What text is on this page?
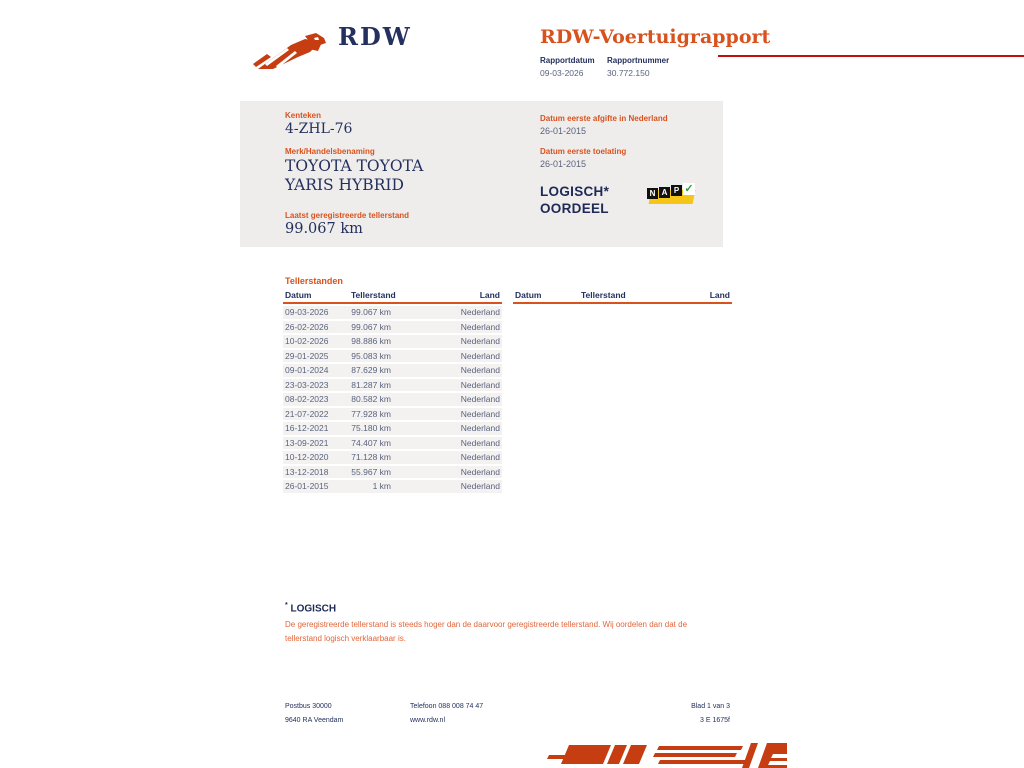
RDW	RDW-Voertuigrapport
Rapportdatum
09-03-2026
Rapportnummer
30.772.150
Kenteken
4-ZHL-76
Merk/Handelsbenaming
TOYOTA TOYOTA
YARIS HYBRID
Laatst geregistreerde tellerstand
99.067 km
Datum eerste afgifte in Nederland
26-01-2015
Datum eerste toelating
26-01-2015
LOGISCH*
OORDEEL
N A P ✓
Tellerstanden
Datum	Tellerstand	Land
09-03-2026	99.067 km	Nederland
26-02-2026	99.067 km	Nederland
10-02-2026	98.886 km	Nederland
29-01-2025	95.083 km	Nederland
09-01-2024	87.629 km	Nederland
23-03-2023	81.287 km	Nederland
08-02-2023	80.582 km	Nederland
21-07-2022	77.928 km	Nederland
16-12-2021	75.180 km	Nederland
13-09-2021	74.407 km	Nederland
10-12-2020	71.128 km	Nederland
13-12-2018	55.967 km	Nederland
26-01-2015	1 km	Nederland
Datum	Tellerstand	Land
* LOGISCH
De geregistreerde tellerstand is steeds hoger dan de daarvoor geregistreerde tellerstand. Wij oordelen dan dat de tellerstand logisch verklaarbaar is.
Postbus 30000
9640 RA Veendam
Telefoon 088 008 74 47
www.rdw.nl
Blad 1 van 3
3 E 1675f
